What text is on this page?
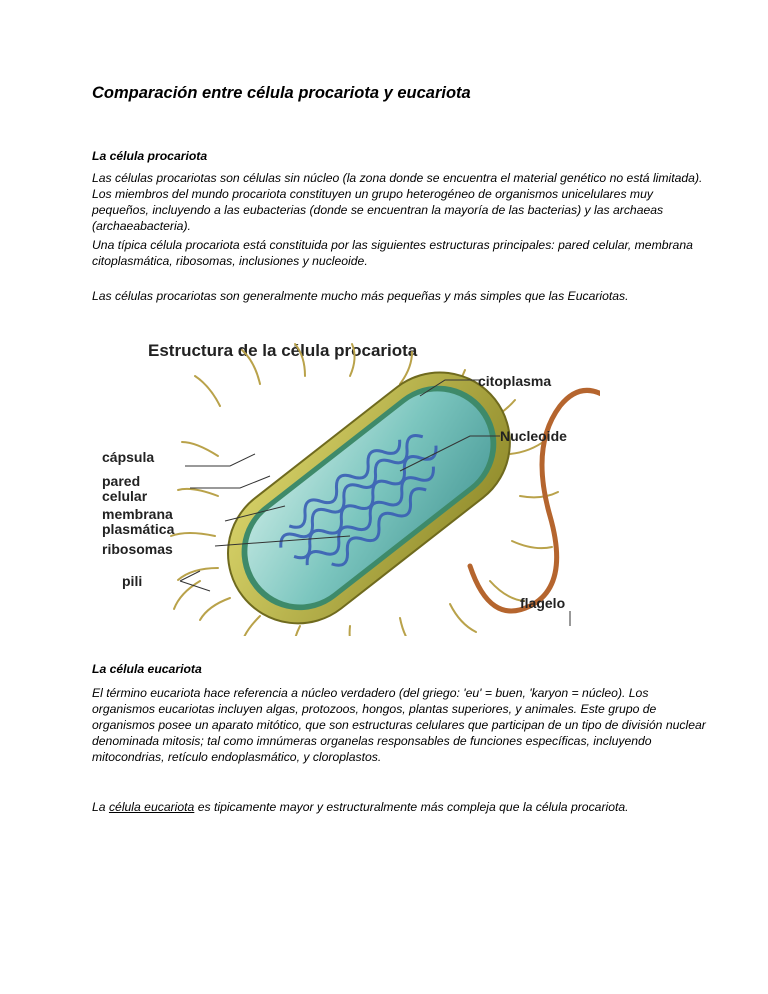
Comparación entre célula procariota y eucariota
La célula procariota

Las células procariotas son células sin núcleo (la zona donde se encuentra el material genético no está limitada). Los miembros del mundo procariota constituyen un grupo heterogéneo de organismos unicelulares muy pequeños, incluyendo a las eubacterias (donde se encuentran la mayoría de las bacterias) y las archaeas (archaeabacteria).

Una típica célula procariota está constituida por las siguientes estructuras principales: pared celular, membrana citoplasmática, ribosomas, inclusiones y nucleoide.

Las células procariotas son generalmente mucho más pequeñas y más simples que las Eucariotas.

Estructura de la célula procariota
citoplasma
Nucleoide
cápsula
pared
celular
membrana
plasmática
ribosomas
pili
flagelo
La célula eucariota

El término eucariota hace referencia a núcleo verdadero (del griego: 'eu' = buen, 'karyon = núcleo). Los organismos eucariotas incluyen algas, protozoos, hongos, plantas superiores, y animales. Este grupo de organismos posee un aparato mitótico, que son estructuras celulares que participan de un tipo de división nuclear denominada mitosis; tal como imnúmeras organelas responsables de funciones específicas, incluyendo mitocondrias, retículo endoplasmático, y cloroplastos.

La célula eucariota es tipicamente mayor y estructuralmente más compleja que la célula procariota.
